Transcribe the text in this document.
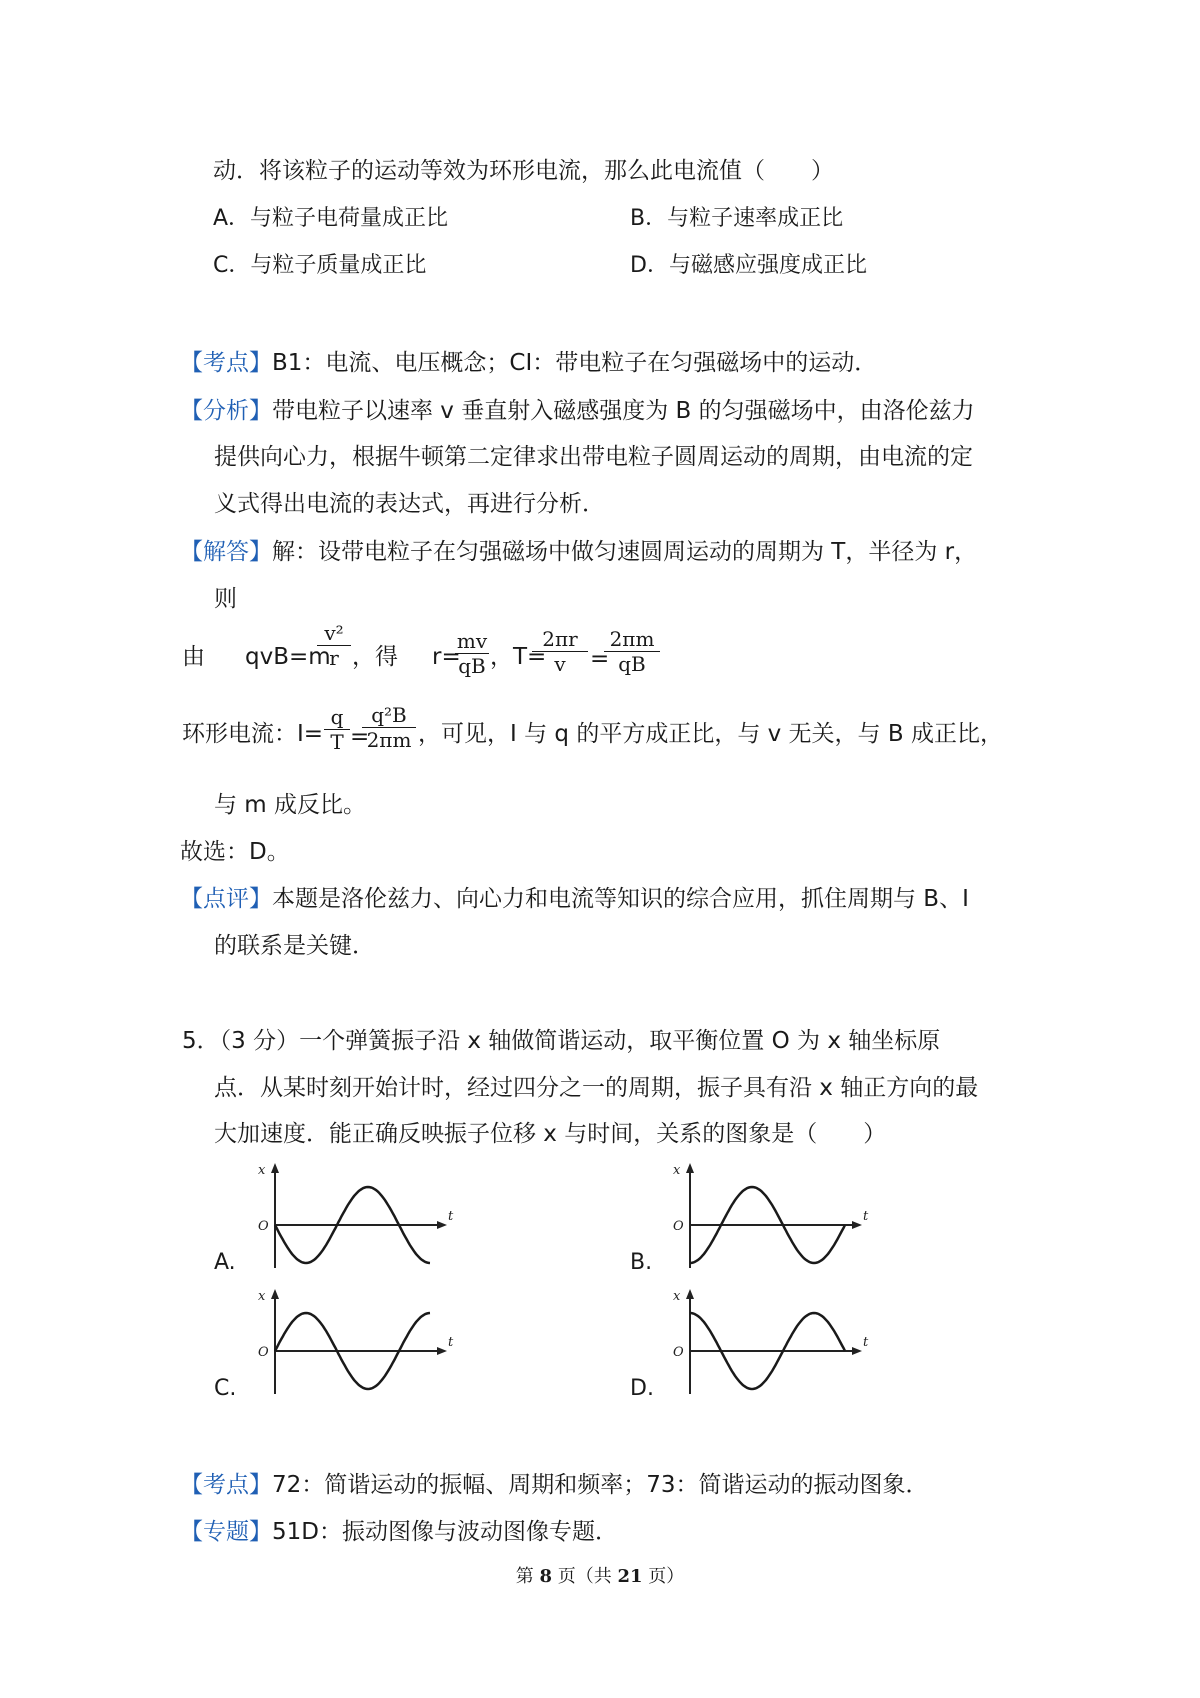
动．将该粒子的运动等效为环形电流，那么此电流值（　　）
A．与粒子电荷量成正比	B．与粒子速率成正比
C．与粒子质量成正比	D．与磁感应强度成正比
【考点】B1：电流、电压概念；CI：带电粒子在匀强磁场中的运动．
【分析】带电粒子以速率 v 垂直射入磁感强度为 B 的匀强磁场中，由洛伦兹力
提供向心力，根据牛顿第二定律求出带电粒子圆周运动的周期，由电流的定
义式得出电流的表达式，再进行分析．
【解答】解：设带电粒子在匀强磁场中做匀速圆周运动的周期为 T，半径为 r，
则
由 qvB=m
v²
r ，得 r=
mv
qB ，T=
2πr
v	=
2πm
qB
环形电流：I=
q
T =
q²B
2πm ，可见，I 与 q 的平方成正比，与 v 无关，与 B 成正比，
与 m 成反比。
故选：D。
【点评】本题是洛伦兹力、向心力和电流等知识的综合应用，抓住周期与 B、I
的联系是关键．
5．（3 分）一个弹簧振子沿 x 轴做简谐运动，取平衡位置 O 为 x 轴坐标原
点．从某时刻开始计时，经过四分之一的周期，振子具有沿 x 轴正方向的最
大加速度．能正确反映振子位移 x 与时间，关系的图象是（　　）
A.
x
O
t
B.
x
O
t
C.
x
O
t
D.
x
O
t
【考点】72：简谐运动的振幅、周期和频率；73：简谐运动的振动图象．
【专题】51D：振动图像与波动图像专题．
第 8 页（共 21 页）
